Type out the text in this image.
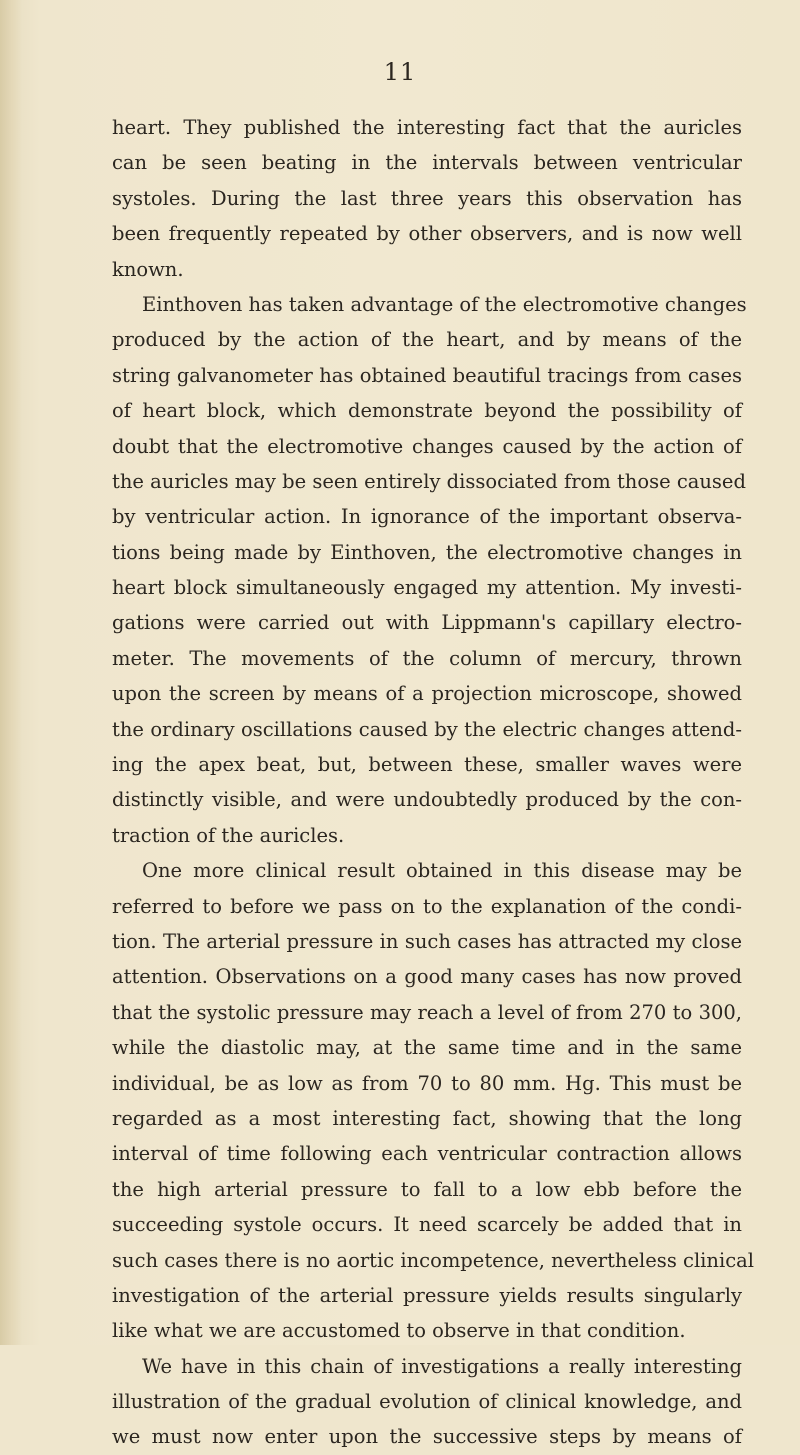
11
heart. They published the interesting fact that the auricles
can be seen beating in the intervals between ventricular
systoles. During the last three years this observation has
been frequently repeated by other observers, and is now well
known.
Einthoven has taken advantage of the electromotive changes
produced by the action of the heart, and by means of the
string galvanometer has obtained beautiful tracings from cases
of heart block, which demonstrate beyond the possibility of
doubt that the electromotive changes caused by the action of
the auricles may be seen entirely dissociated from those caused
by ventricular action. In ignorance of the important observa-
tions being made by Einthoven, the electromotive changes in
heart block simultaneously engaged my attention. My investi-
gations were carried out with Lippmann's capillary electro-
meter. The movements of the column of mercury, thrown
upon the screen by means of a projection microscope, showed
the ordinary oscillations caused by the electric changes attend-
ing the apex beat, but, between these, smaller waves were
distinctly visible, and were undoubtedly produced by the con-
traction of the auricles.
One more clinical result obtained in this disease may be
referred to before we pass on to the explanation of the condi-
tion. The arterial pressure in such cases has attracted my close
attention. Observations on a good many cases has now proved
that the systolic pressure may reach a level of from 270 to 300,
while the diastolic may, at the same time and in the same
individual, be as low as from 70 to 80 mm. Hg. This must be
regarded as a most interesting fact, showing that the long
interval of time following each ventricular contraction allows
the high arterial pressure to fall to a low ebb before the
succeeding systole occurs. It need scarcely be added that in
such cases there is no aortic incompetence, nevertheless clinical
investigation of the arterial pressure yields results singularly
like what we are accustomed to observe in that condition.
We have in this chain of investigations a really interesting
illustration of the gradual evolution of clinical knowledge, and
we must now enter upon the successive steps by means of
